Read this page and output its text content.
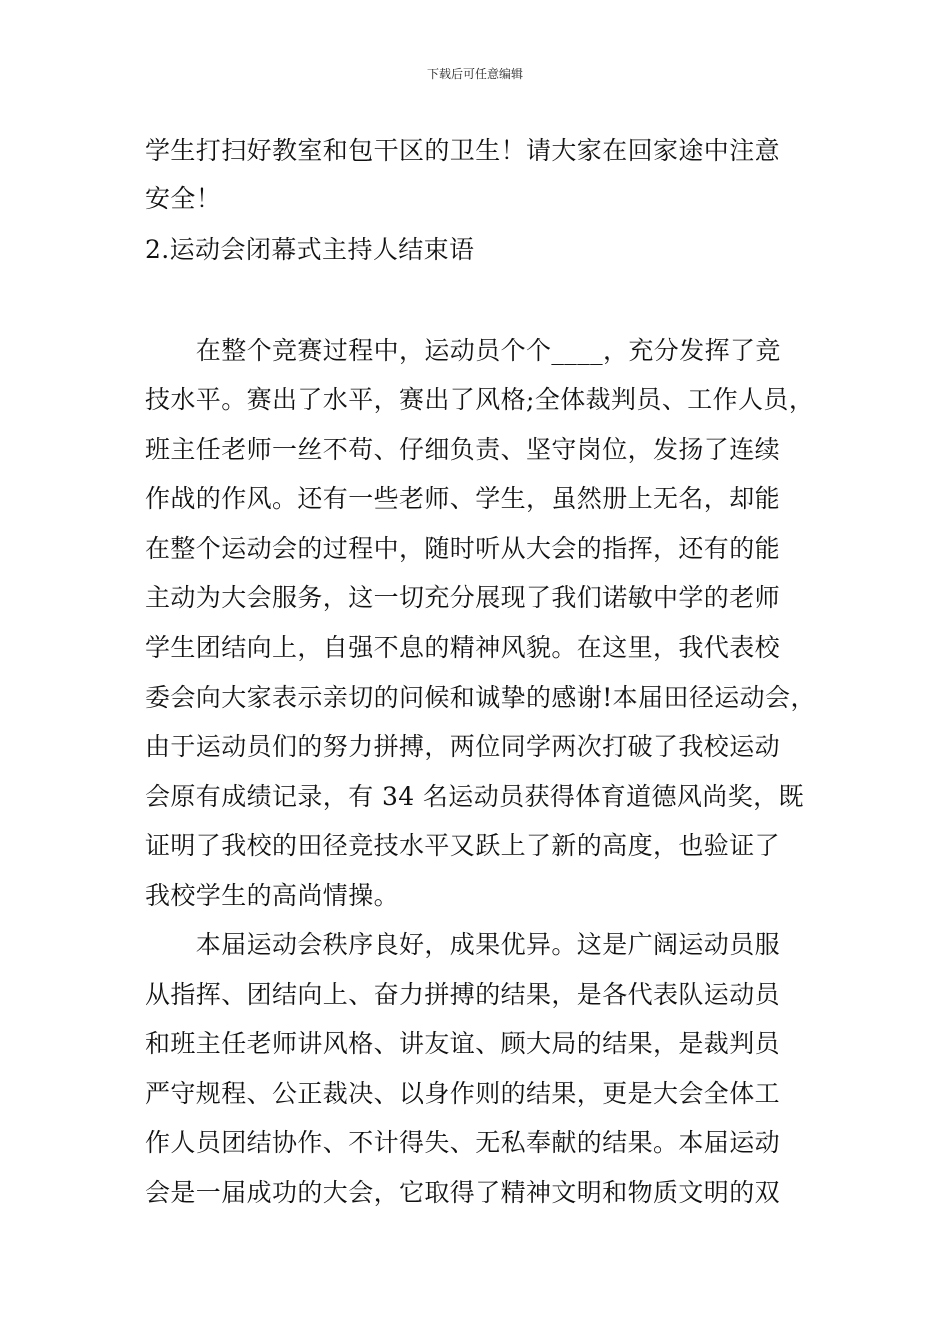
下载后可任意编辑
学生打扫好教室和包干区的卫生！请大家在回家途中注意
安全！
2.运动会闭幕式主持人结束语
　　在整个竞赛过程中，运动员个个____，充分发挥了竞
技水平。赛出了水平，赛出了风格;全体裁判员、工作人员，
班主任老师一丝不苟、仔细负责、坚守岗位，发扬了连续
作战的作风。还有一些老师、学生，虽然册上无名，却能
在整个运动会的过程中，随时听从大会的指挥，还有的能
主动为大会服务，这一切充分展现了我们诺敏中学的老师
学生团结向上，自强不息的精神风貌。在这里，我代表校
委会向大家表示亲切的问候和诚挚的感谢!本届田径运动会，
由于运动员们的努力拼搏，两位同学两次打破了我校运动
会原有成绩记录，有 34 名运动员获得体育道德风尚奖，既
证明了我校的田径竞技水平又跃上了新的高度，也验证了
我校学生的高尚情操。
　　本届运动会秩序良好，成果优异。这是广阔运动员服
从指挥、团结向上、奋力拼搏的结果，是各代表队运动员
和班主任老师讲风格、讲友谊、顾大局的结果，是裁判员
严守规程、公正裁决、以身作则的结果，更是大会全体工
作人员团结协作、不计得失、无私奉献的结果。本届运动
会是一届成功的大会，它取得了精神文明和物质文明的双
